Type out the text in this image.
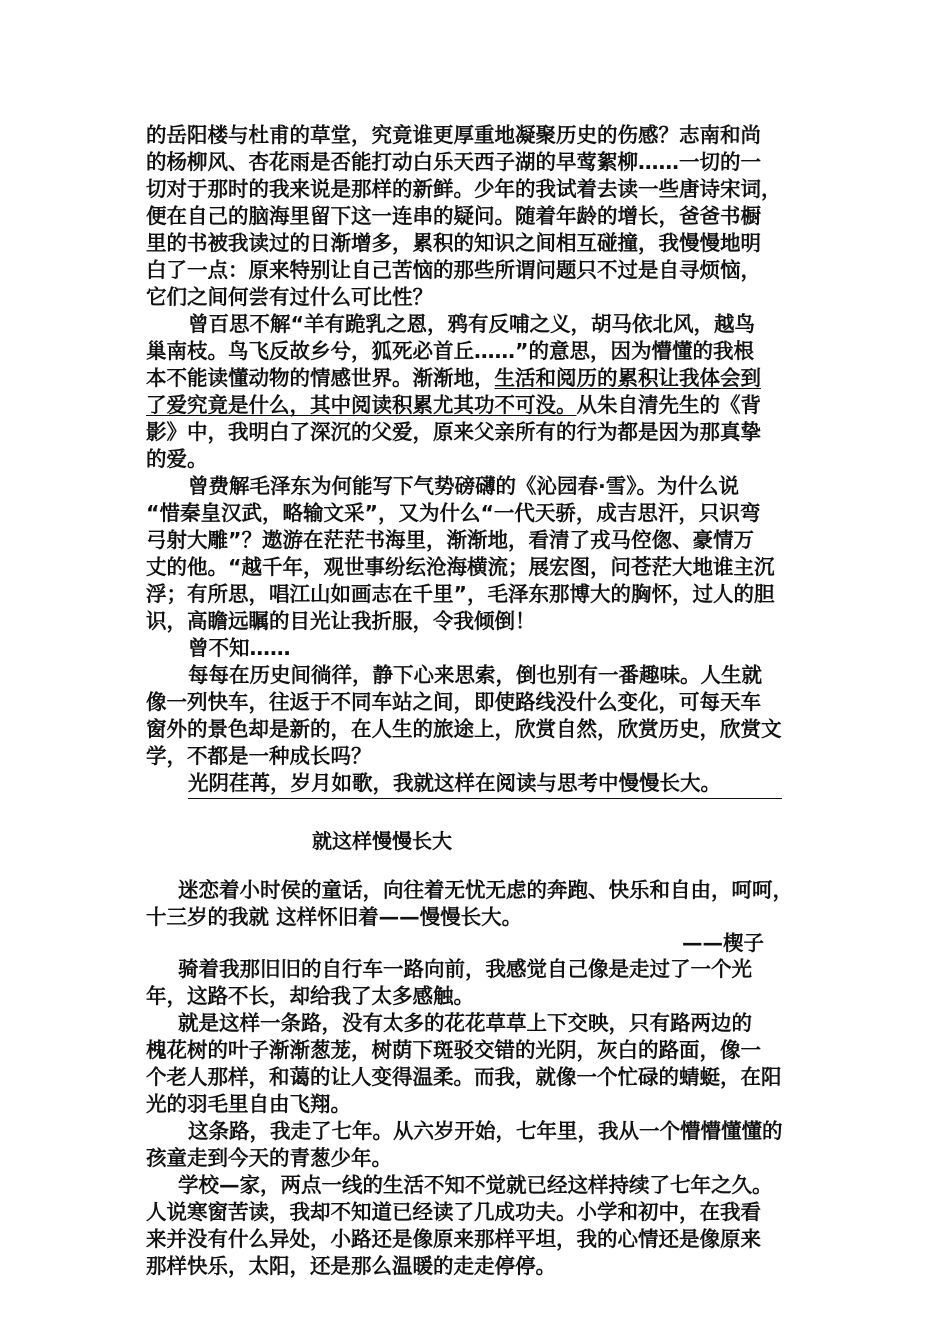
的岳阳楼与杜甫的草堂，究竟谁更厚重地凝聚历史的伤感？志南和尚

的杨柳风、杏花雨是否能打动白乐天西子湖的早莺絮柳……一切的一

切对于那时的我来说是那样的新鲜。少年的我试着去读一些唐诗宋词，

便在自己的脑海里留下这一连串的疑问。随着年龄的增长，爸爸书橱

里的书被我读过的日渐增多，累积的知识之间相互碰撞，我慢慢地明

白了一点：原来特别让自己苦恼的那些所谓问题只不过是自寻烦恼，

它们之间何尝有过什么可比性？

曾百思不解“羊有跪乳之恩，鸦有反哺之义，胡马依北风，越鸟

巢南枝。鸟飞反故乡兮，狐死必首丘……”的意思，因为懵懂的我根

本不能读懂动物的情感世界。渐渐地，生活和阅历的累积让我体会到

了爱究竟是什么，其中阅读积累尤其功不可没。从朱自清先生的《背

影》中，我明白了深沉的父爱，原来父亲所有的行为都是因为那真挚

的爱。

曾费解毛泽东为何能写下气势磅礴的《沁园春·雪》。为什么说

“惜秦皇汉武，略输文采”，又为什么“一代天骄，成吉思汗，只识弯

弓射大雕”？遨游在茫茫书海里，渐渐地，看清了戎马倥偬、豪情万

丈的他。“越千年，观世事纷纭沧海横流；展宏图，问苍茫大地谁主沉

浮；有所思，唱江山如画志在千里”，毛泽东那博大的胸怀，过人的胆

识，高瞻远瞩的目光让我折服，令我倾倒！

曾不知……

每每在历史间徜徉，静下心来思索，倒也别有一番趣味。人生就

像一列快车，往返于不同车站之间，即使路线没什么变化，可每天车

窗外的景色却是新的，在人生的旅途上，欣赏自然，欣赏历史，欣赏文

学，不都是一种成长吗？

光阴荏苒，岁月如歌，我就这样在阅读与思考中慢慢长大。

就这样慢慢长大

迷恋着小时侯的童话，向往着无忧无虑的奔跑、快乐和自由，呵呵，

十三岁的我就 这样怀旧着——慢慢长大。

——楔子

骑着我那旧旧的自行车一路向前，我感觉自己像是走过了一个光

年，这路不长，却给我了太多感触。

就是这样一条路，没有太多的花花草草上下交映，只有路两边的

槐花树的叶子渐渐葱茏，树荫下斑驳交错的光阴，灰白的路面，像一

个老人那样，和蔼的让人变得温柔。而我，就像一个忙碌的蜻蜓，在阳

光的羽毛里自由飞翔。

这条路，我走了七年。从六岁开始，七年里，我从一个懵懵懂懂的

孩童走到今天的青葱少年。

学校—家，两点一线的生活不知不觉就已经这样持续了七年之久。

人说寒窗苦读，我却不知道已经读了几成功夫。小学和初中，在我看

来并没有什么异处，小路还是像原来那样平坦，我的心情还是像原来

那样快乐，太阳，还是那么温暖的走走停停。
